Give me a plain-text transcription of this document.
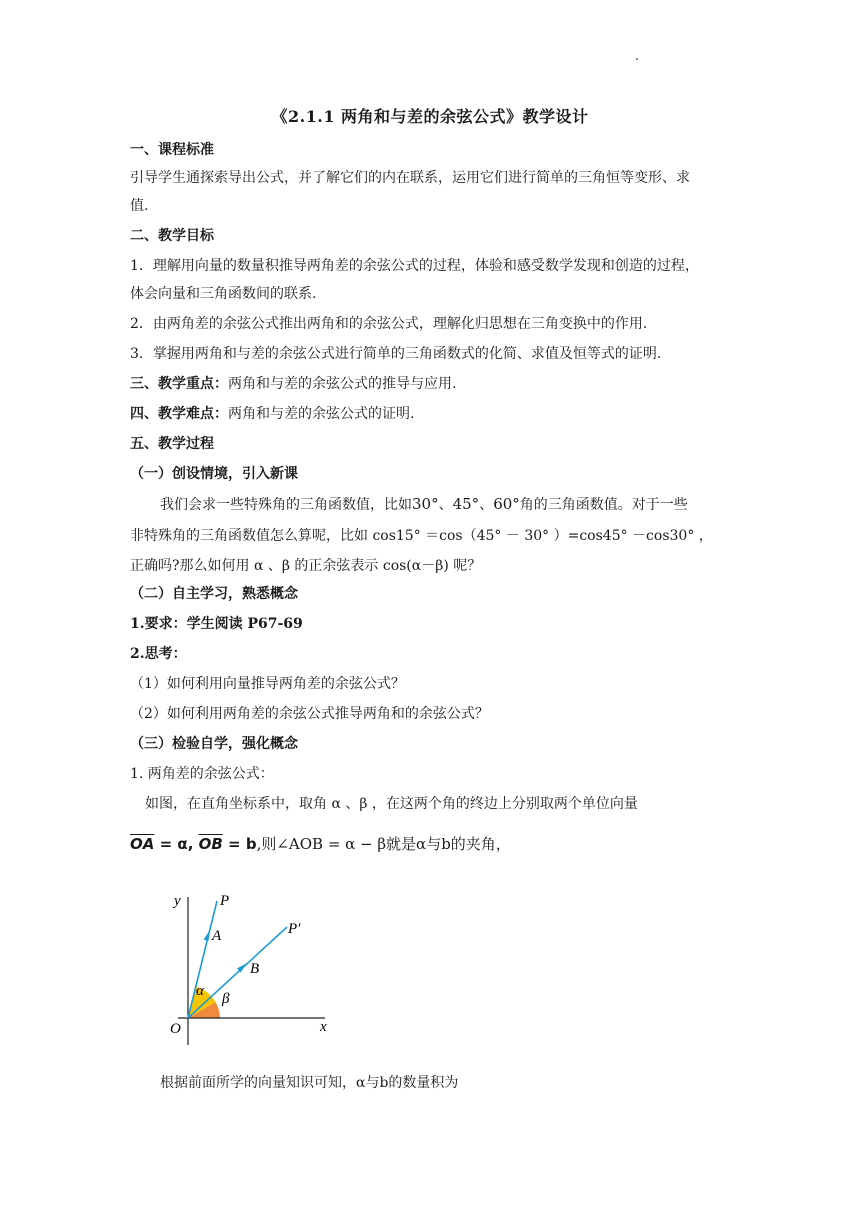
《2.1.1 两角和与差的余弦公式》教学设计
一、课程标准
引导学生通探索导出公式，并了解它们的内在联系，运用它们进行简单的三角恒等变形、求
值.
二、教学目标
1．理解用向量的数量积推导两角差的余弦公式的过程，体验和感受数学发现和创造的过程，
体会向量和三角函数间的联系.
2．由两角差的余弦公式推出两角和的余弦公式，理解化归思想在三角变换中的作用.
3．掌握用两角和与差的余弦公式进行简单的三角函数式的化简、求值及恒等式的证明.
三、教学重点：两角和与差的余弦公式的推导与应用.
四、教学难点：两角和与差的余弦公式的证明.
五、教学过程
（一）创设情境，引入新课
我们会求一些特殊角的三角函数值，比如30°、45°、60°角的三角函数值。对于一些
非特殊角的三角函数值怎么算呢，比如 cos15° ＝cos（45° － 30° ）=cos45° －cos30° ，
正确吗?那么如何用 α 、β 的正余弦表示 cos(α－β) 呢？
（二）自主学习，熟悉概念
1.要求：学生阅读 P67-69
2.思考：
（1）如何利用向量推导两角差的余弦公式？
（2）如何利用两角差的余弦公式推导两角和的余弦公式？
（三）检验自学，强化概念
1. 两角差的余弦公式：
如图，在直角坐标系中，取角 α 、β ，在这两个角的终边上分别取两个单位向量
$\overline{OA} = \alpha$, $\overline{OB} = b$,则∠AOB = α − β就是α与b的夹角，
y
x
O
P
P′
A
B
α β
根据前面所学的向量知识可知，α与b的数量积为
